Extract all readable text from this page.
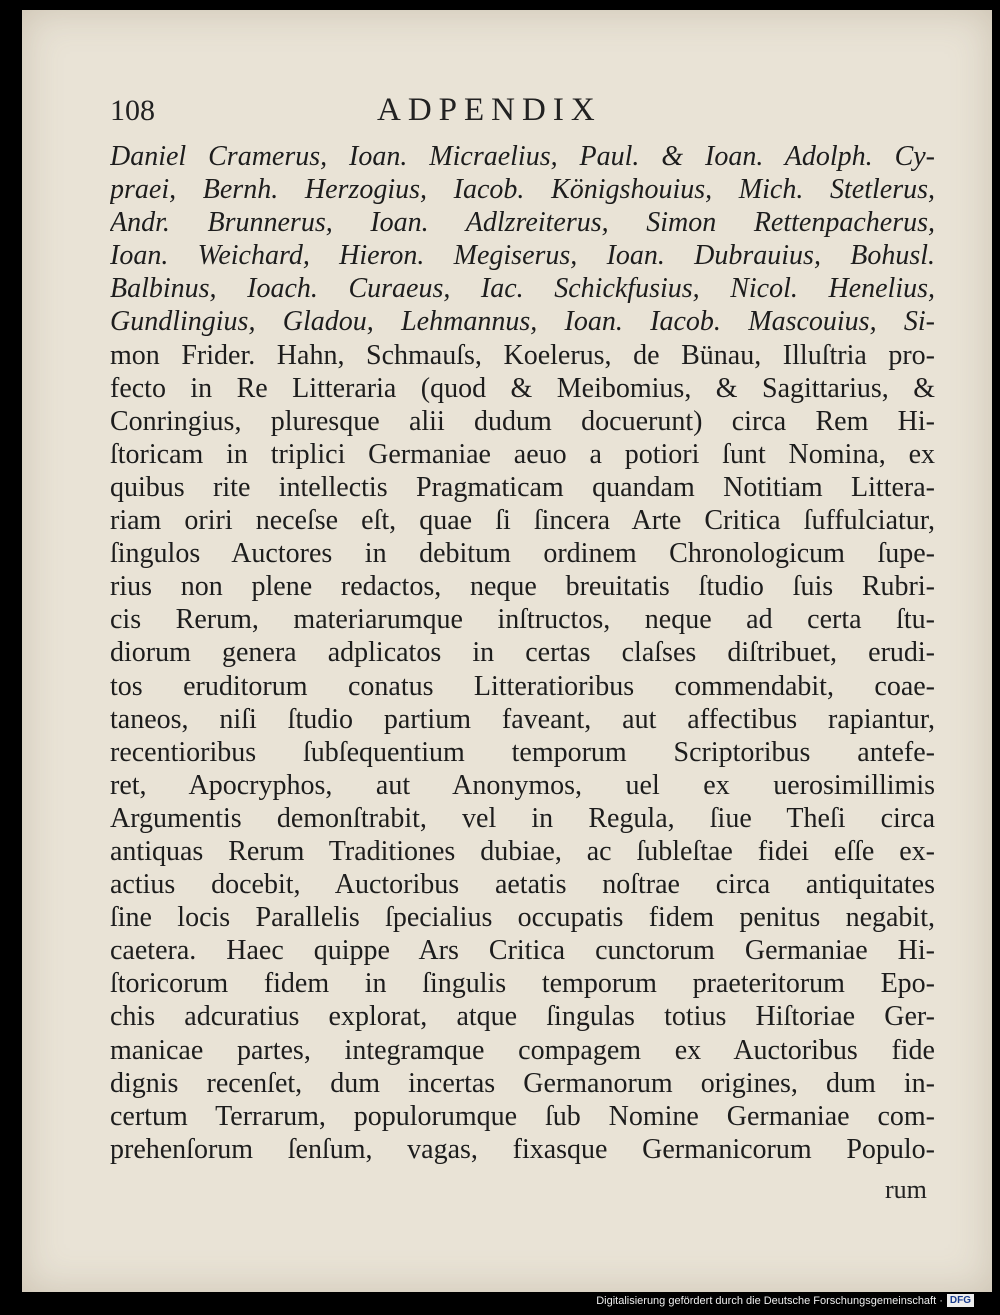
108	ADPENDIX
Daniel Cramerus, Ioan. Micraelius, Paul. & Ioan. Adolph. Cy-
praei, Bernh. Herzogius, Iacob. Königshouius, Mich. Stetlerus,
Andr. Brunnerus, Ioan. Adlzreiterus, Simon Rettenpacherus,
Ioan. Weichard, Hieron. Megiserus, Ioan. Dubrauius, Bohusl.
Balbinus, Ioach. Curaeus, Iac. Schickfusius, Nicol. Henelius,
Gundlingius, Gladou, Lehmannus, Ioan. Iacob. Mascouius, Si-
mon Frider. Hahn, Schmauſs, Koelerus, de Bünau, Illuſtria pro-
fecto in Re Litteraria (quod & Meibomius, & Sagittarius, &
Conringius, pluresque alii dudum docuerunt) circa Rem Hi-
ſtoricam in triplici Germaniae aeuo a potiori ſunt Nomina, ex
quibus rite intellectis Pragmaticam quandam Notitiam Littera-
riam oriri neceſse eſt, quae ſi ſincera Arte Critica ſuffulciatur,
ſingulos Auctores in debitum ordinem Chronologicum ſupe-
rius non plene redactos, neque breuitatis ſtudio ſuis Rubri-
cis Rerum, materiarumque inſtructos, neque ad certa ſtu-
diorum genera adplicatos in certas claſses diſtribuet, erudi-
tos eruditorum conatus Litteratioribus commendabit, coae-
taneos, niſi ſtudio partium faveant, aut affectibus rapiantur,
recentioribus ſubſequentium temporum Scriptoribus antefe-
ret, Apocryphos, aut Anonymos, uel ex uerosimillimis
Argumentis demonſtrabit, vel in Regula, ſiue Theſi circa
antiquas Rerum Traditiones dubiae, ac ſubleſtae fidei eſſe ex-
actius docebit, Auctoribus aetatis noſtrae circa antiquitates
ſine locis Parallelis ſpecialius occupatis fidem penitus negabit,
caetera. Haec quippe Ars Critica cunctorum Germaniae Hi-
ſtoricorum fidem in ſingulis temporum praeteritorum Epo-
chis adcuratius explorat, atque ſingulas totius Hiſtoriae Ger-
manicae partes, integramque compagem ex Auctoribus fide
dignis recenſet, dum incertas Germanorum origines, dum in-
certum Terrarum, populorumque ſub Nomine Germaniae com-
prehenſorum ſenſum, vagas, fixasque Germanicorum Populo-
rum
Digitalisierung gefördert durch die Deutsche Forschungsgemeinschaft · DFG
